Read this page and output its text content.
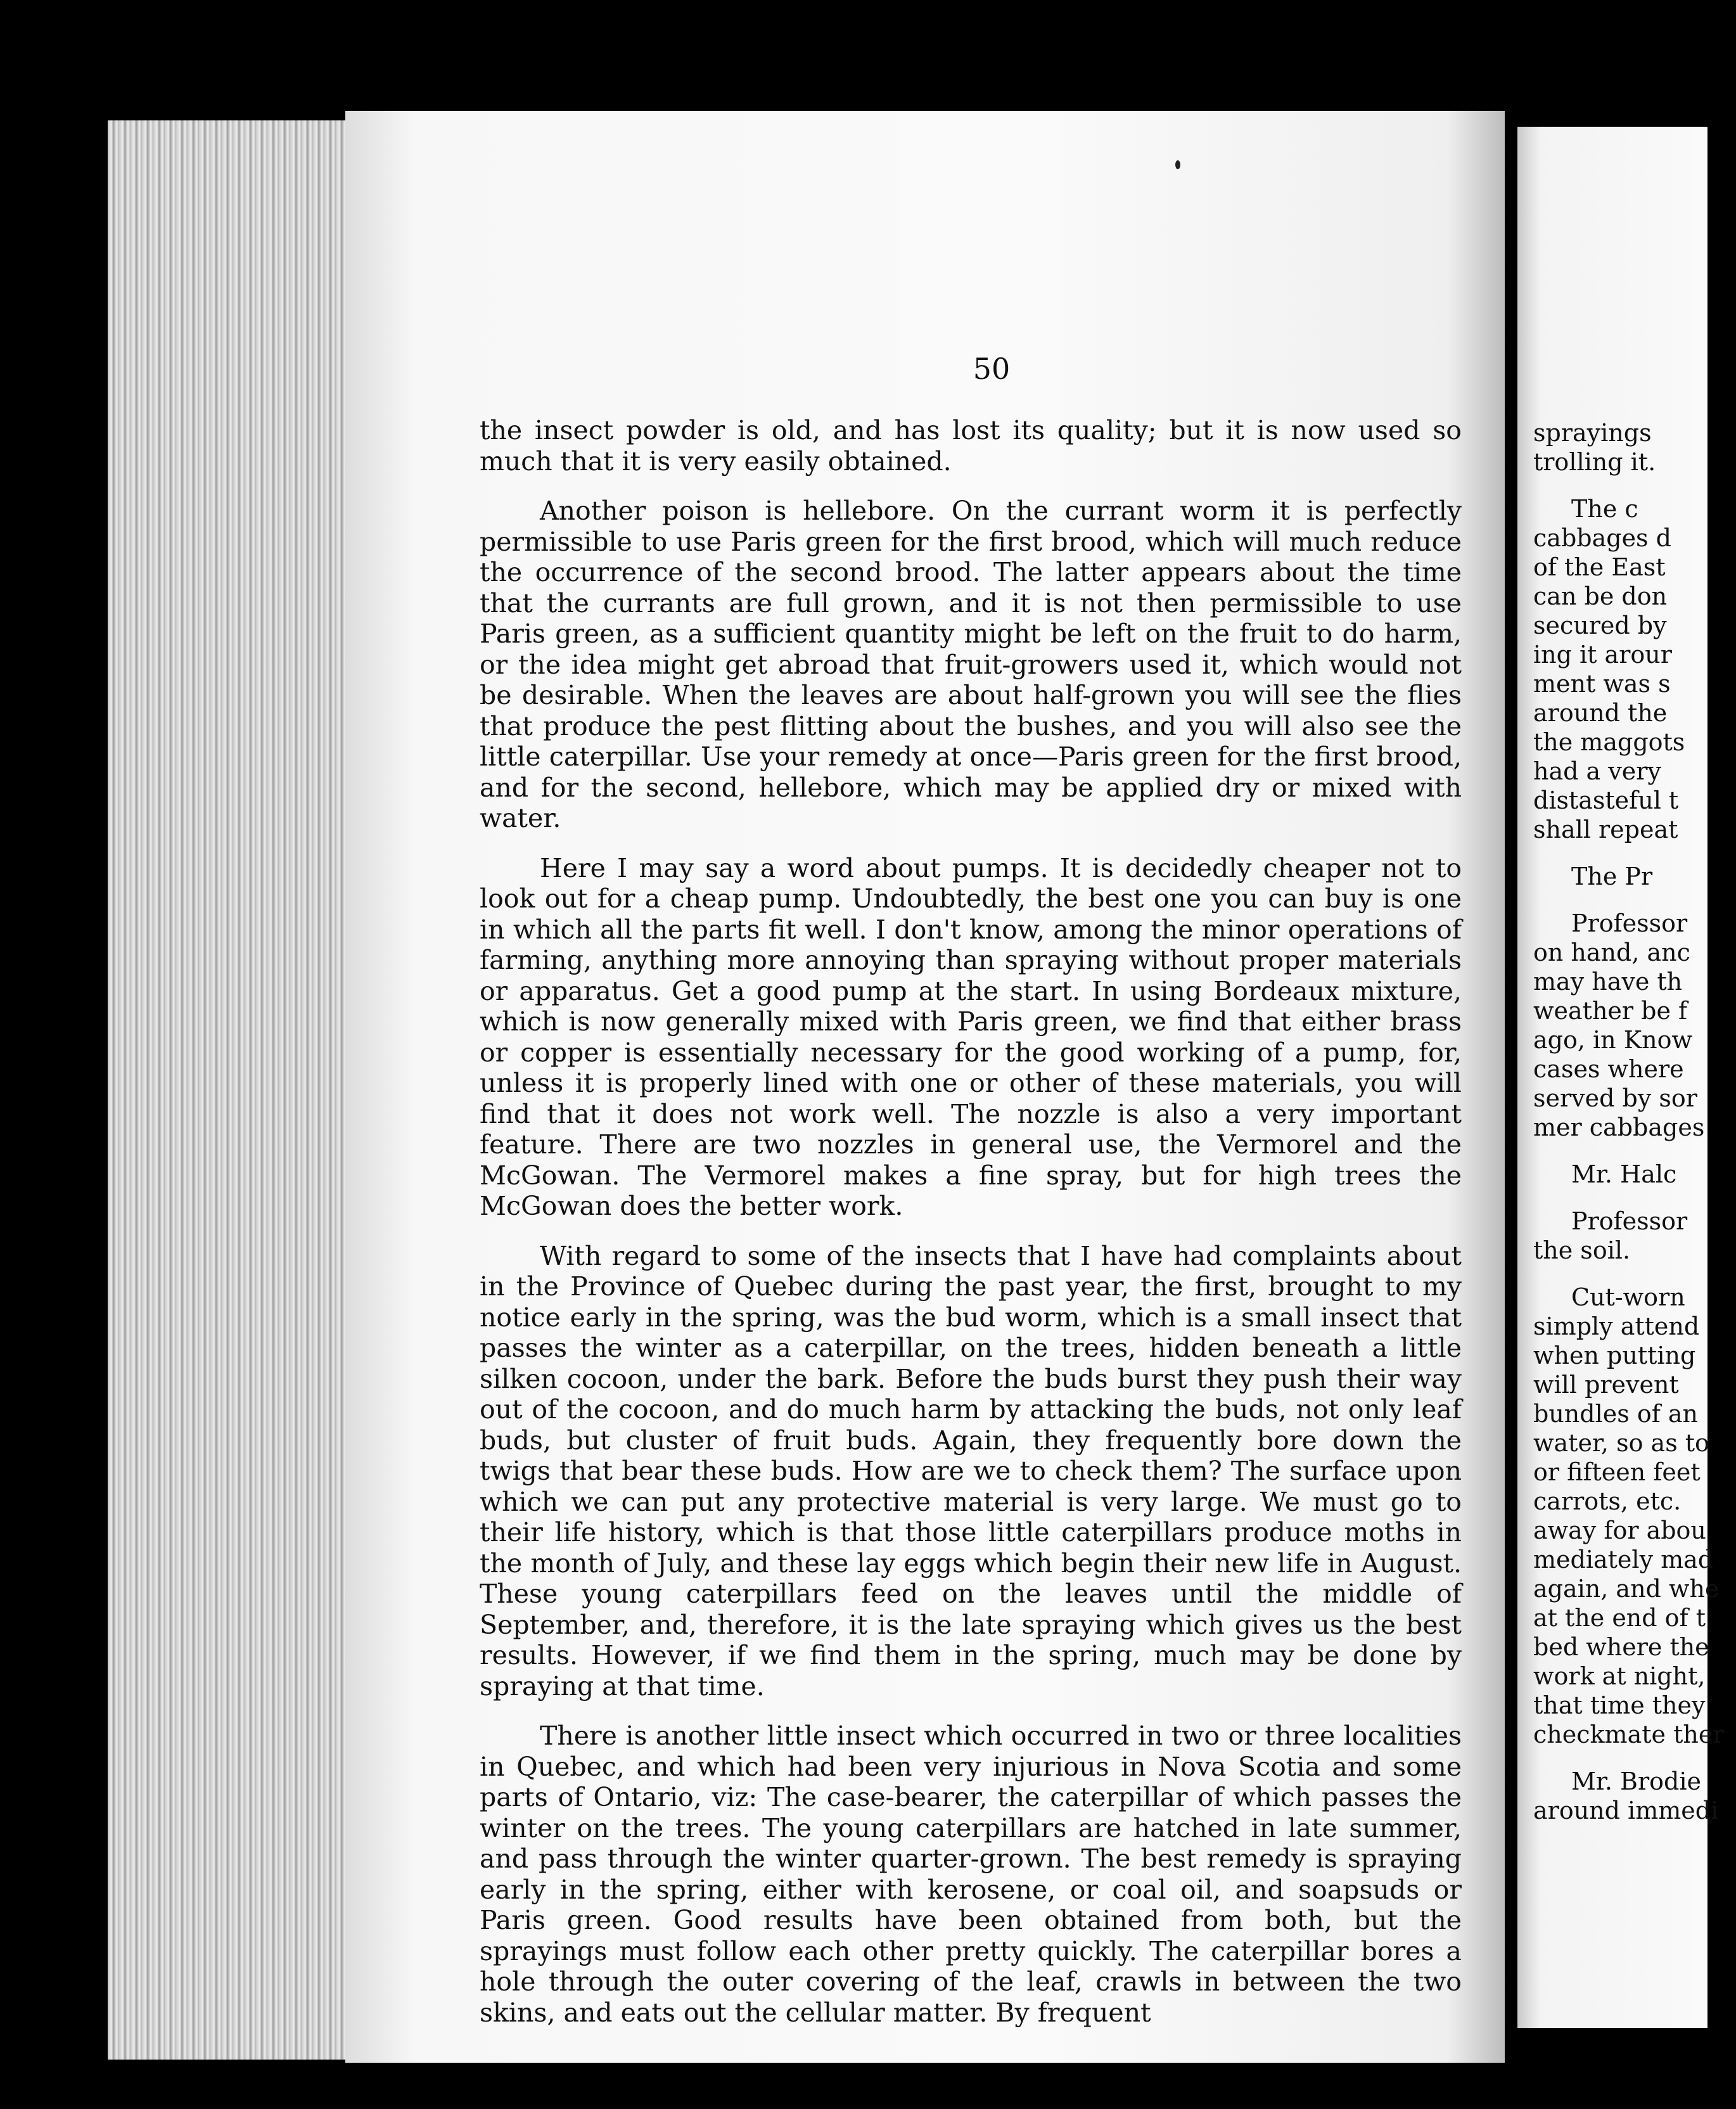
50

the insect powder is old, and has lost its quality; but it is now used so much that it is very easily obtained.

Another poison is hellebore. On the currant worm it is perfectly permissible to use Paris green for the first brood, which will much reduce the occurrence of the second brood. The latter appears about the time that the currants are full grown, and it is not then permissible to use Paris green, as a sufficient quantity might be left on the fruit to do harm, or the idea might get abroad that fruit-growers used it, which would not be desirable. When the leaves are about half-grown you will see the flies that produce the pest flitting about the bushes, and you will also see the little caterpillar. Use your remedy at once—Paris green for the first brood, and for the second, hellebore, which may be applied dry or mixed with water.

Here I may say a word about pumps. It is decidedly cheaper not to look out for a cheap pump. Undoubtedly, the best one you can buy is one in which all the parts fit well. I don't know, among the minor operations of farming, anything more annoying than spraying without proper materials or apparatus. Get a good pump at the start. In using Bordeaux mixture, which is now generally mixed with Paris green, we find that either brass or copper is essentially necessary for the good working of a pump, for, unless it is properly lined with one or other of these materials, you will find that it does not work well. The nozzle is also a very important feature. There are two nozzles in general use, the Vermorel and the McGowan. The Vermorel makes a fine spray, but for high trees the McGowan does the better work.

With regard to some of the insects that I have had complaints about in the Province of Quebec during the past year, the first, brought to my notice early in the spring, was the bud worm, which is a small insect that passes the winter as a caterpillar, on the trees, hidden beneath a little silken cocoon, under the bark. Before the buds burst they push their way out of the cocoon, and do much harm by attacking the buds, not only leaf buds, but cluster of fruit buds. Again, they frequently bore down the twigs that bear these buds. How are we to check them? The surface upon which we can put any protective material is very large. We must go to their life history, which is that those little caterpillars produce moths in the month of July, and these lay eggs which begin their new life in August. These young caterpillars feed on the leaves until the middle of September, and, therefore, it is the late spraying which gives us the best results. However, if we find them in the spring, much may be done by spraying at that time.

There is another little insect which occurred in two or three localities in Quebec, and which had been very injurious in Nova Scotia and some parts of Ontario, viz: The case-bearer, the caterpillar of which passes the winter on the trees. The young caterpillars are hatched in late summer, and pass through the winter quarter-grown. The best remedy is spraying early in the spring, either with kerosene, or coal oil, and soapsuds or Paris green. Good results have been obtained from both, but the sprayings must follow each other pretty quickly. The caterpillar bores a hole through the outer covering of the leaf, crawls in between the two skins, and eats out the cellular matter. By frequent

sprayings
trolling it.
The c
cabbages d
of the East
can be don
secured by
ing it arour
ment was s
around the
the maggots
had a very
distasteful t
shall repeat
The Pr
Professor
on hand, anc
may have th
weather be f
ago, in Know
cases where
served by sor
mer cabbages
Mr. Halc
Professor
the soil.
Cut-worn
simply attend
when putting
will prevent
bundles of an
water, so as to
or fifteen feet
carrots, etc.
away for abou
mediately mad
again, and whe
at the end of t
bed where the
work at night,
that time they
checkmate ther
Mr. Brodie
around immedi
